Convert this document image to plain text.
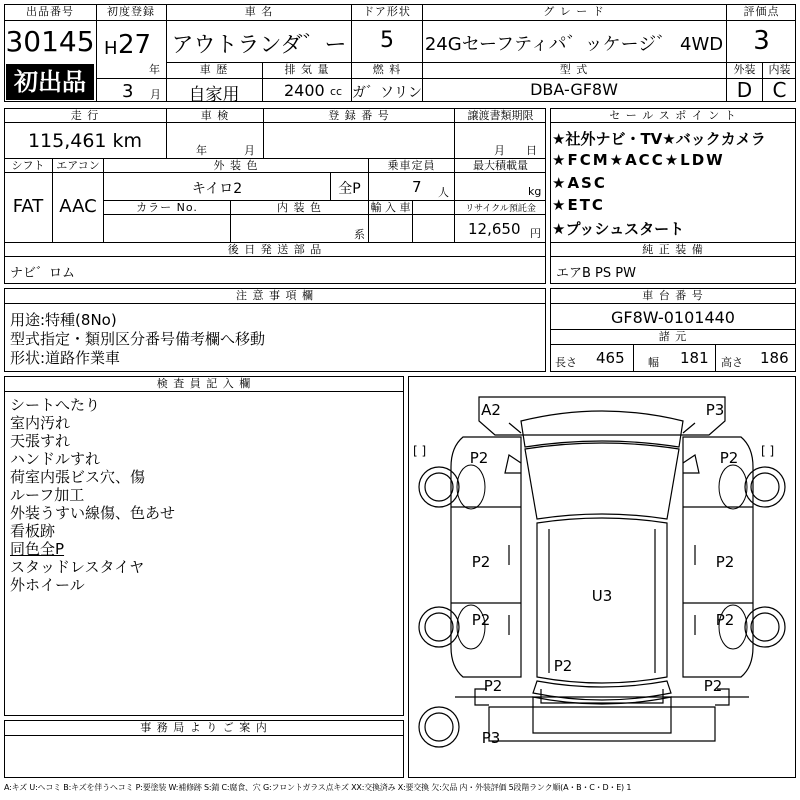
出品番号
30145
初出品
初度登録
H 27
年
3 月
車 名
アウトランダ゛ー
ドア形状
5
グ レ ー ド
24Gセーフティパ゛ッケージ゛ 4WD
評価点
3
車 歴
自家用
排 気 量
2400 cc
燃 料
ガ゛ソリン
型 式
DBA-GF8W
外装	内装
D	C
走 行
115,461 km
車 検
年	月
登 録 番 号	譲渡書類期限
月 日
シフト
FAT
エアコン
AAC
外 装 色
キイロ2	全P
乗車定員
7 人
最大積載量
kg
カラー No.	内 装 色
系
輸 入 車	リサイクル預託金
12,650 円
後 日 発 送 部 品
ナビ゛ロム
セ ー ル ス ポ イ ン ト
★社外ナビ・TV★バックカメラ
★FCM★ACC★LDW
★ASC
★ETC
★プッシュスタート
純 正 装 備
エアB PS PW
注 意 事 項 欄
用途:特種(8No)
型式指定・類別区分番号備考欄へ移動
形状:道路作業車
車 台 番 号
GF8W-0101440
諸 元
長さ 465 幅 181 高さ 186
検 査 員 記 入 欄
シートへたり
室内汚れ
天張すれ
ハンドルすれ
荷室内張ビス穴、傷
ルーフ加工
外装うすい線傷、色あせ
看板跡
同色全P
スタッドレスタイヤ
外ホイール
事 務 局 よ り ご 案 内
A2	P3
P2	P2
P2	P2
P2	P2
U3
P2
P2	P2
P3
[ ]	[ ]
A:キズ U:ヘコミ B:キズを伴うヘコミ P:要塗装 W:補修跡 S:錆 C:腐食、穴 G:フロントガラス点キズ XX:交換済み X:要交換 欠:欠品 内・外装評価 5段階ランク順(A・B・C・D・E) 1
